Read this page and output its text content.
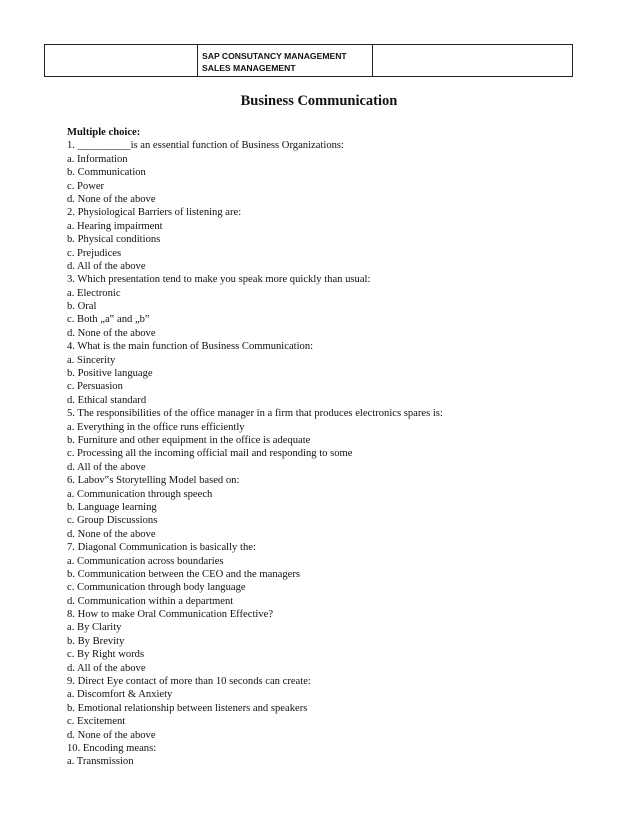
SAP CONSUTANCY MANAGEMENT
SALES MANAGEMENT

Business Communication

Multiple choice:

1. __________is an essential function of Business Organizations:

a. Information

b. Communication

c. Power

d. None of the above

2. Physiological Barriers of listening are:

a. Hearing impairment

b. Physical conditions

c. Prejudices

d. All of the above

3. Which presentation tend to make you speak more quickly than usual:

a. Electronic

b. Oral

c. Both „a‟ and „b‟

d. None of the above

4. What is the main function of Business Communication:

a. Sincerity

b. Positive language

c. Persuasion

d. Ethical standard

5. The responsibilities of the office manager in a firm that produces electronics spares is:

a. Everything in the office runs efficiently

b. Furniture and other equipment in the office is adequate

c. Processing all the incoming official mail and responding to some

d. All of the above

6. Labov‟s Storytelling Model based on:

a. Communication through speech

b. Language learning

c. Group Discussions

d. None of the above

7. Diagonal Communication is basically the:

a. Communication across boundaries

b. Communication between the CEO and the managers

c. Communication through body language

d. Communication within a department

8. How to make Oral Communication Effective?

a. By Clarity

b. By Brevity

c. By Right words

d. All of the above

9. Direct Eye contact of more than 10 seconds can create:

a. Discomfort & Anxiety

b. Emotional relationship between listeners and speakers

c. Excitement

d. None of the above

10. Encoding means:

a. Transmission
